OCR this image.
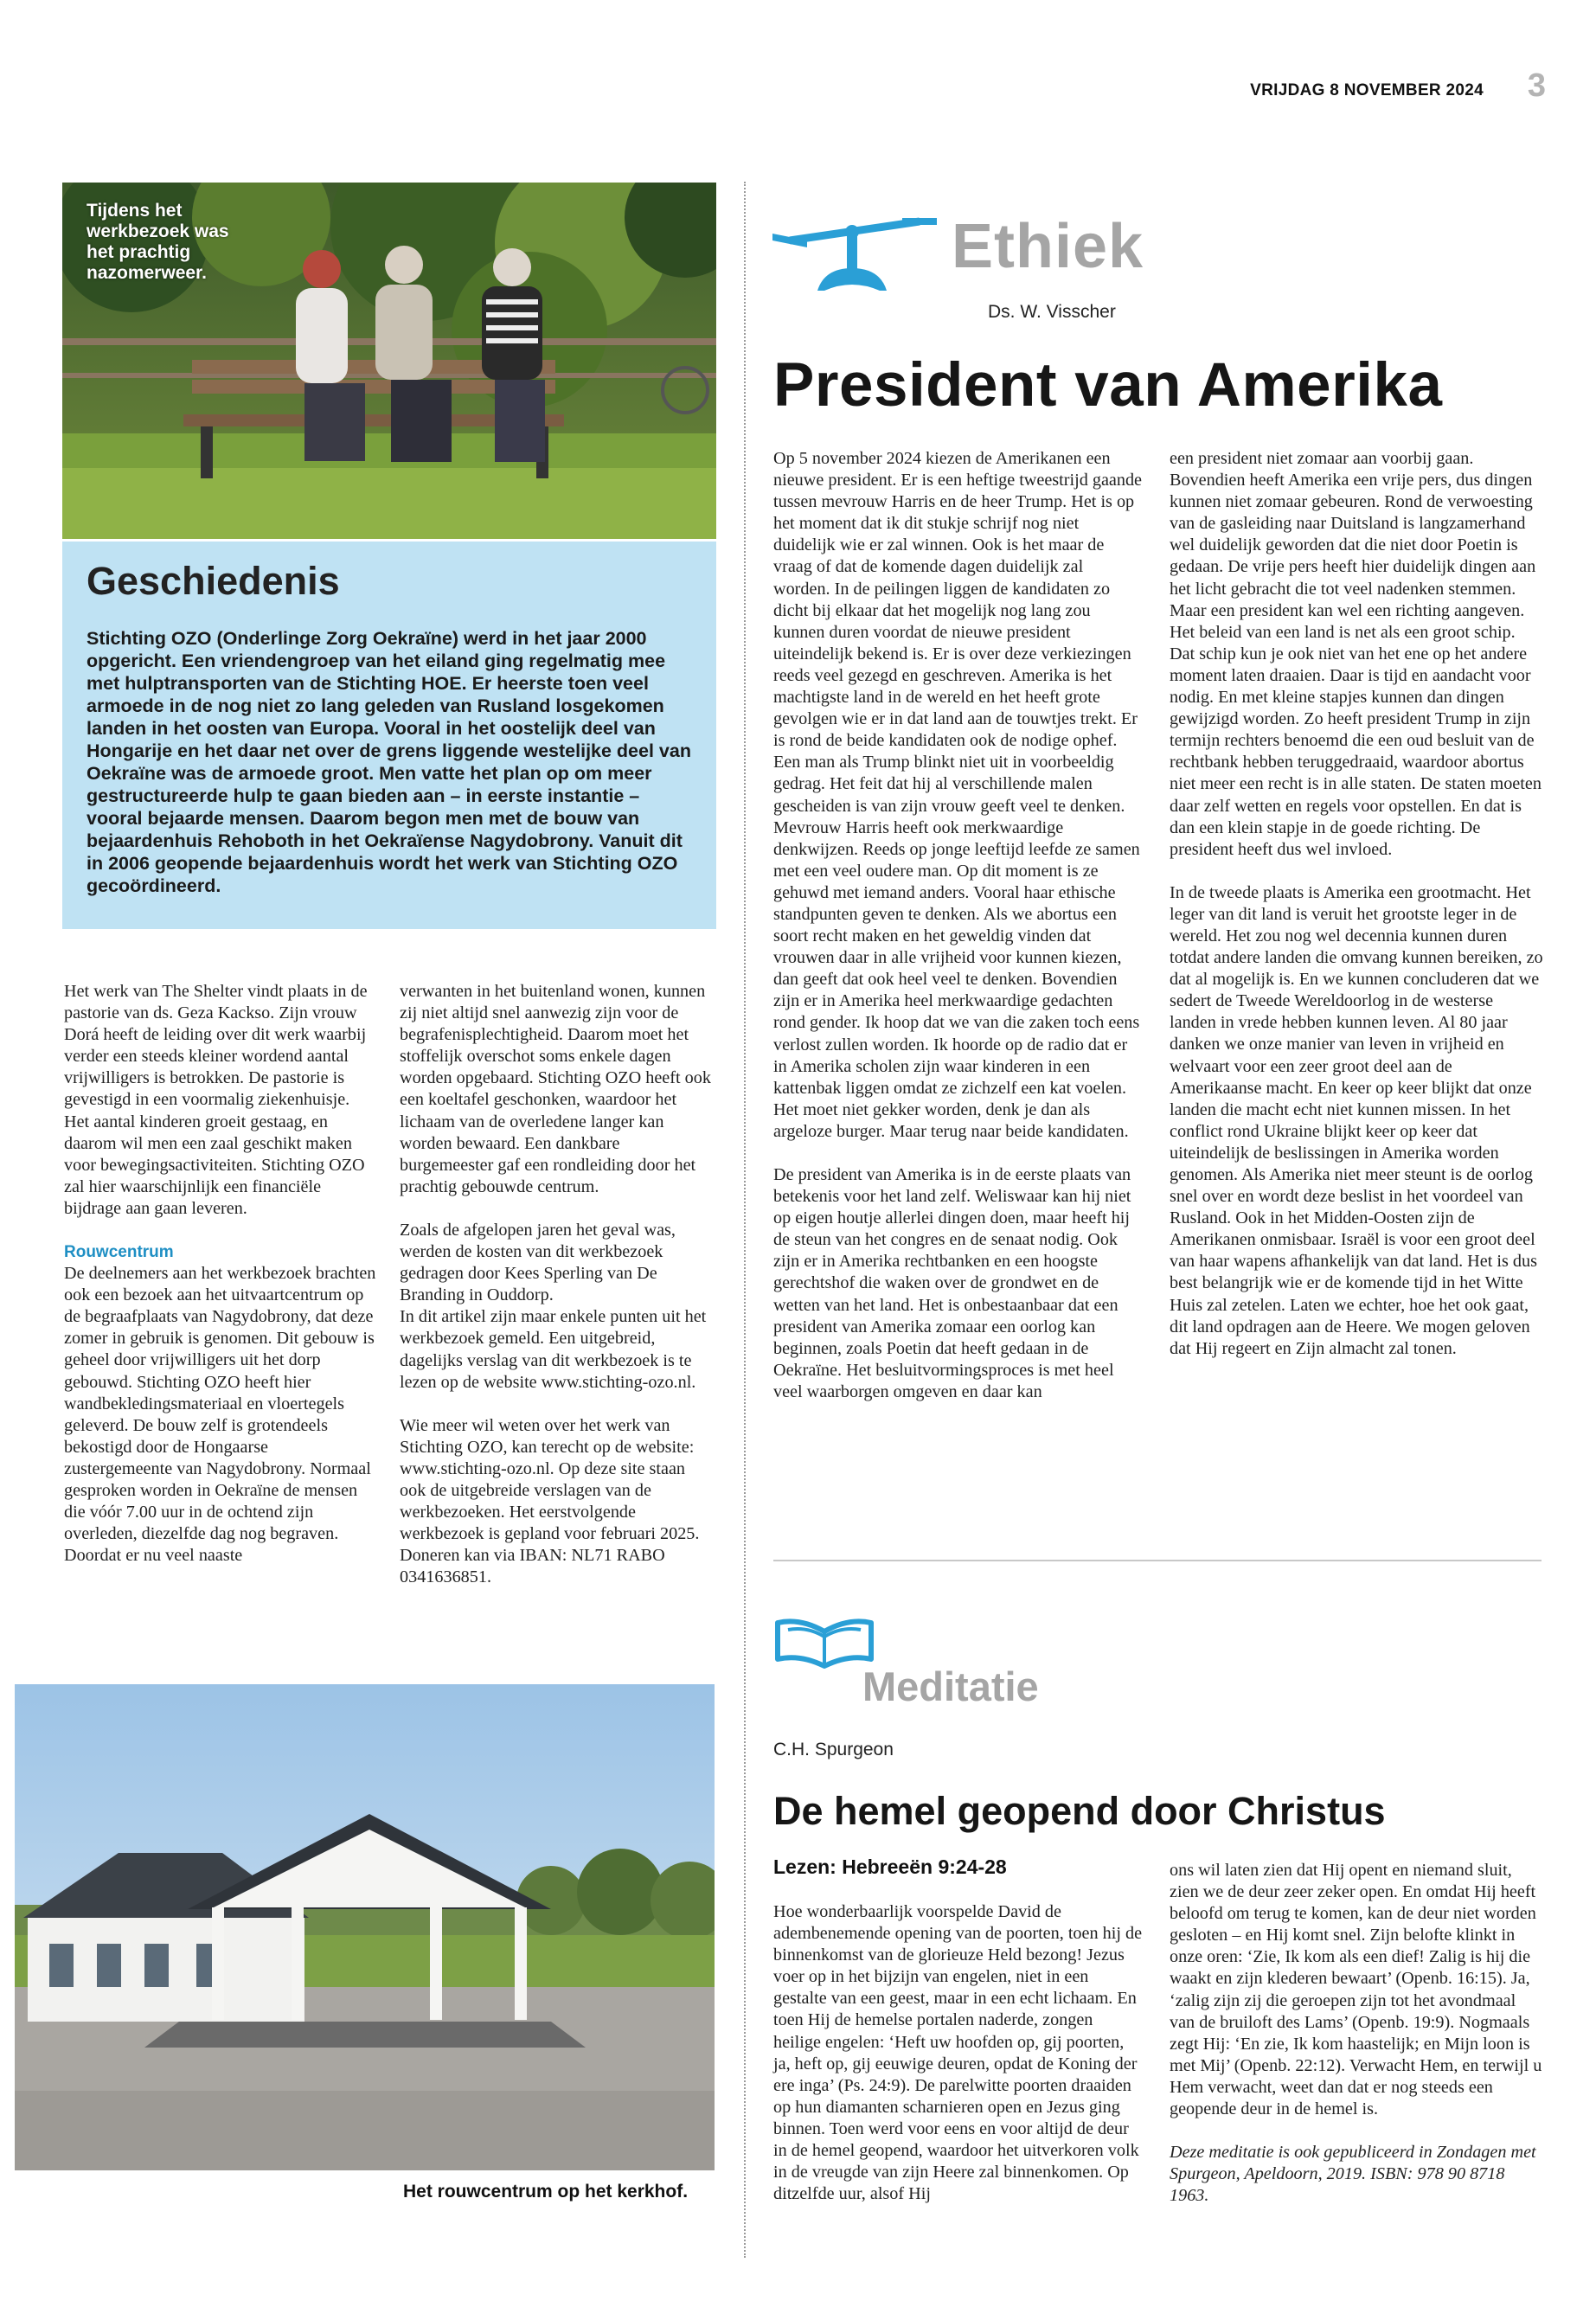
VRIJDAG 8 NOVEMBER 2024 3
Tijdens het werkbezoek was het prachtig nazomerweer.
Geschiedenis
Stichting OZO (Onderlinge Zorg Oekraïne) werd in het jaar 2000 opgericht. Een vriendengroep van het eiland ging regelmatig mee met hulptransporten van de Stichting HOE. Er heerste toen veel armoede in de nog niet zo lang geleden van Rusland losgekomen landen in het oosten van Europa. Vooral in het oostelijk deel van Hongarije en het daar net over de grens liggende westelijke deel van Oekraïne was de armoede groot. Men vatte het plan op om meer gestructureerde hulp te gaan bieden aan – in eerste instantie – vooral bejaarde mensen. Daarom begon men met de bouw van bejaardenhuis Rehoboth in het Oekraïense Nagydobrony. Vanuit dit in 2006 geopende bejaardenhuis wordt het werk van Stichting OZO gecoördineerd.

Het werk van The Shelter vindt plaats in de pastorie van ds. Geza Kackso. Zijn vrouw Dorá heeft de leiding over dit werk waarbij verder een steeds kleiner wordend aantal vrijwilligers is betrokken. De pastorie is gevestigd in een voormalig ziekenhuisje. Het aantal kinderen groeit gestaag, en daarom wil men een zaal geschikt maken voor bewegingsactiviteiten. Stichting OZO zal hier waarschijnlijk een financiële bijdrage aan gaan leveren.

Rouwcentrum
De deelnemers aan het werkbezoek brachten ook een bezoek aan het uitvaartcentrum op de begraafplaats van Nagydobrony, dat deze zomer in gebruik is genomen. Dit gebouw is geheel door vrijwilligers uit het dorp gebouwd. Stichting OZO heeft hier wandbekledingsmateriaal en vloertegels geleverd. De bouw zelf is grotendeels bekostigd door de Hongaarse zustergemeente van Nagydobrony. Normaal gesproken worden in Oekraïne de mensen die vóór 7.00 uur in de ochtend zijn overleden, diezelfde dag nog begraven. Doordat er nu veel naaste

verwanten in het buitenland wonen, kunnen zij niet altijd snel aanwezig zijn voor de begrafenisplechtigheid. Daarom moet het stoffelijk overschot soms enkele dagen worden opgebaard. Stichting OZO heeft ook een koeltafel geschonken, waardoor het lichaam van de overledene langer kan worden bewaard. Een dankbare burgemeester gaf een rondleiding door het prachtig gebouwde centrum.

Zoals de afgelopen jaren het geval was, werden de kosten van dit werkbezoek gedragen door Kees Sperling van De Branding in Ouddorp.
In dit artikel zijn maar enkele punten uit het werkbezoek gemeld. Een uitgebreid, dagelijks verslag van dit werkbezoek is te lezen op de website www.stichting-ozo.nl.

Wie meer wil weten over het werk van Stichting OZO, kan terecht op de website: www.stichting-ozo.nl. Op deze site staan ook de uitgebreide verslagen van de werkbezoeken. Het eerstvolgende werkbezoek is gepland voor februari 2025. Doneren kan via IBAN: NL71 RABO 0341636851.

Het rouwcentrum op het kerkhof.
Ethiek
Ds. W. Visscher
President van Amerika

Op 5 november 2024 kiezen de Amerikanen een nieuwe president. Er is een heftige tweestrijd gaande tussen mevrouw Harris en de heer Trump. Het is op het moment dat ik dit stukje schrijf nog niet duidelijk wie er zal winnen. Ook is het maar de vraag of dat de komende dagen duidelijk zal worden. In de peilingen liggen de kandidaten zo dicht bij elkaar dat het mogelijk nog lang zou kunnen duren voordat de nieuwe president uiteindelijk bekend is. Er is over deze verkiezingen reeds veel gezegd en geschreven. Amerika is het machtigste land in de wereld en het heeft grote gevolgen wie er in dat land aan de touwtjes trekt. Er is rond de beide kandidaten ook de nodige ophef. Een man als Trump blinkt niet uit in voorbeeldig gedrag. Het feit dat hij al verschillende malen gescheiden is van zijn vrouw geeft veel te denken. Mevrouw Harris heeft ook merkwaardige denkwijzen. Reeds op jonge leeftijd leefde ze samen met een veel oudere man. Op dit moment is ze gehuwd met iemand anders. Vooral haar ethische standpunten geven te denken. Als we abortus een soort recht maken en het geweldig vinden dat vrouwen daar in alle vrijheid voor kunnen kiezen, dan geeft dat ook heel veel te denken. Bovendien zijn er in Amerika heel merkwaardige gedachten rond gender. Ik hoop dat we van die zaken toch eens verlost zullen worden. Ik hoorde op de radio dat er in Amerika scholen zijn waar kinderen in een kattenbak liggen omdat ze zichzelf een kat voelen. Het moet niet gekker worden, denk je dan als argeloze burger. Maar terug naar beide kandidaten.

De president van Amerika is in de eerste plaats van betekenis voor het land zelf. Weliswaar kan hij niet op eigen houtje allerlei dingen doen, maar heeft hij de steun van het congres en de senaat nodig. Ook zijn er in Amerika rechtbanken en een hoogste gerechtshof die waken over de grondwet en de wetten van het land. Het is onbestaanbaar dat een president van Amerika zomaar een oorlog kan beginnen, zoals Poetin dat heeft gedaan in de Oekraïne. Het besluitvormingsproces is met heel veel waarborgen omgeven en daar kan

een president niet zomaar aan voorbij gaan. Bovendien heeft Amerika een vrije pers, dus dingen kunnen niet zomaar gebeuren. Rond de verwoesting van de gasleiding naar Duitsland is langzamerhand wel duidelijk geworden dat die niet door Poetin is gedaan. De vrije pers heeft hier duidelijk dingen aan het licht gebracht die tot veel nadenken stemmen. Maar een president kan wel een richting aangeven. Het beleid van een land is net als een groot schip. Dat schip kun je ook niet van het ene op het andere moment laten draaien. Daar is tijd en aandacht voor nodig. En met kleine stapjes kunnen dan dingen gewijzigd worden. Zo heeft president Trump in zijn termijn rechters benoemd die een oud besluit van de rechtbank hebben teruggedraaid, waardoor abortus niet meer een recht is in alle staten. De staten moeten daar zelf wetten en regels voor opstellen. En dat is dan een klein stapje in de goede richting. De president heeft dus wel invloed.

In de tweede plaats is Amerika een grootmacht. Het leger van dit land is veruit het grootste leger in de wereld. Het zou nog wel decennia kunnen duren totdat andere landen die omvang kunnen bereiken, zo dat al mogelijk is. En we kunnen concluderen dat we sedert de Tweede Wereldoorlog in de westerse landen in vrede hebben kunnen leven. Al 80 jaar danken we onze manier van leven in vrijheid en welvaart voor een zeer groot deel aan de Amerikaanse macht. En keer op keer blijkt dat onze landen die macht echt niet kunnen missen. In het conflict rond Ukraine blijkt keer op keer dat uiteindelijk de beslissingen in Amerika worden genomen. Als Amerika niet meer steunt is de oorlog snel over en wordt deze beslist in het voordeel van Rusland. Ook in het Midden-Oosten zijn de Amerikanen onmisbaar. Israël is voor een groot deel van haar wapens afhankelijk van dat land. Het is dus best belangrijk wie er de komende tijd in het Witte Huis zal zetelen. Laten we echter, hoe het ook gaat, dit land opdragen aan de Heere. We mogen geloven dat Hij regeert en Zijn almacht zal tonen.

Meditatie
C.H. Spurgeon
De hemel geopend door Christus
Lezen: Hebreeën 9:24-28

Hoe wonderbaarlijk voorspelde David de adembenemende opening van de poorten, toen hij de binnenkomst van de glorieuze Held bezong! Jezus voer op in het bijzijn van engelen, niet in een gestalte van een geest, maar in een echt lichaam. En toen Hij de hemelse portalen naderde, zongen heilige engelen: ‘Heft uw hoofden op, gij poorten, ja, heft op, gij eeuwige deuren, opdat de Koning der ere inga’ (Ps. 24:9). De parelwitte poorten draaiden op hun diamanten scharnieren open en Jezus ging binnen. Toen werd voor eens en voor altijd de deur in de hemel geopend, waardoor het uitverkoren volk in de vreugde van zijn Heere zal binnenkomen. Op ditzelfde uur, alsof Hij

ons wil laten zien dat Hij opent en niemand sluit, zien we de deur zeer zeker open. En omdat Hij heeft beloofd om terug te komen, kan de deur niet worden gesloten – en Hij komt snel. Zijn belofte klinkt in onze oren: ‘Zie, Ik kom als een dief! Zalig is hij die waakt en zijn klederen bewaart’ (Openb. 16:15). Ja, ‘zalig zijn zij die geroepen zijn tot het avondmaal van de bruiloft des Lams’ (Openb. 19:9). Nogmaals zegt Hij: ‘En zie, Ik kom haastelijk; en Mijn loon is met Mij’ (Openb. 22:12). Verwacht Hem, en terwijl u Hem verwacht, weet dan dat er nog steeds een geopende deur in de hemel is.

Deze meditatie is ook gepubliceerd in Zondagen met Spurgeon, Apeldoorn, 2019. ISBN: 978 90 8718 1963.
